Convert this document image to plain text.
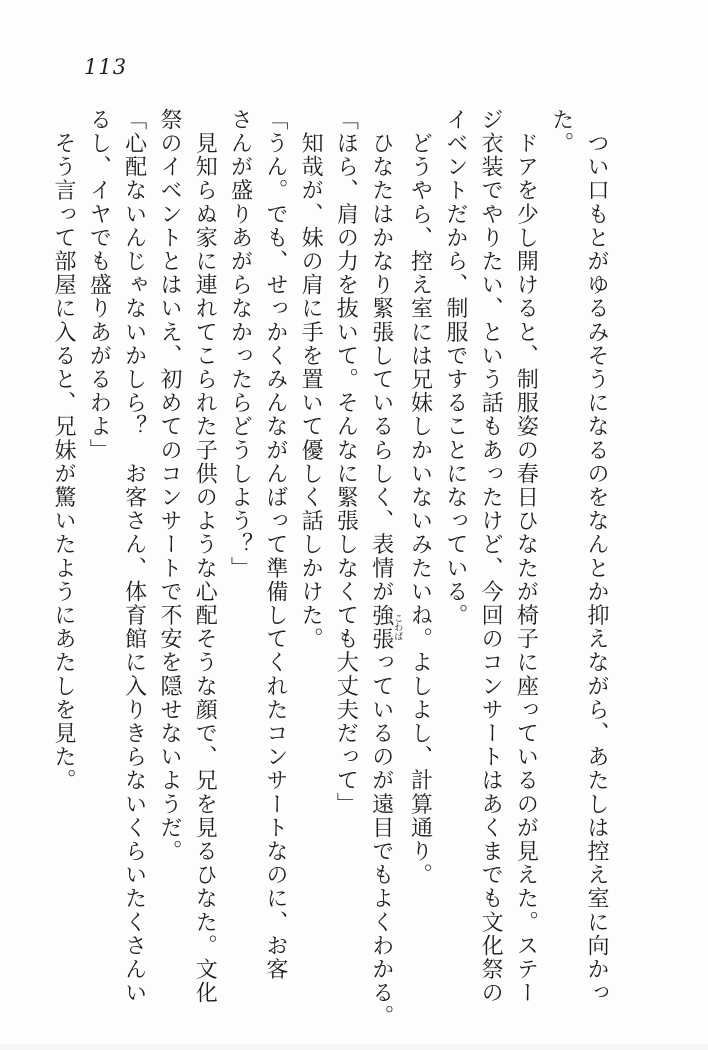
113

　つい口もとがゆるみそうになるのをなんとか抑えながら、あたしは控え室に向かっ

た。

　ドアを少し開けると、制服姿の春日ひなたが椅子に座っているのが見えた。ステー

ジ衣装でやりたい、という話もあったけど、今回のコンサートはあくまでも文化祭の

イベントだから、制服ですることになっている。

　どうやら、控え室には兄妹しかいないみたいね。よしよし、計算通り。

　ひなたはかなり緊張しているらしく、表情が強張こわばっているのが遠目でもよくわかる。

「ほら、肩の力を抜いて。そんなに緊張しなくても大丈夫だって」

　知哉が、妹の肩に手を置いて優しく話しかけた。

「うん。でも、せっかくみんながんばって準備してくれたコンサートなのに、お客

さんが盛りあがらなかったらどうしよう？」

　見知らぬ家に連れてこられた子供のような心配そうな顔で、兄を見るひなた。文化

祭のイベントとはいえ、初めてのコンサートで不安を隠せないようだ。

「心配ないんじゃないかしら？　お客さん、体育館に入りきらないくらいたくさんい

るし、イヤでも盛りあがるわよ」

　そう言って部屋に入ると、兄妹が驚いたようにあたしを見た。
